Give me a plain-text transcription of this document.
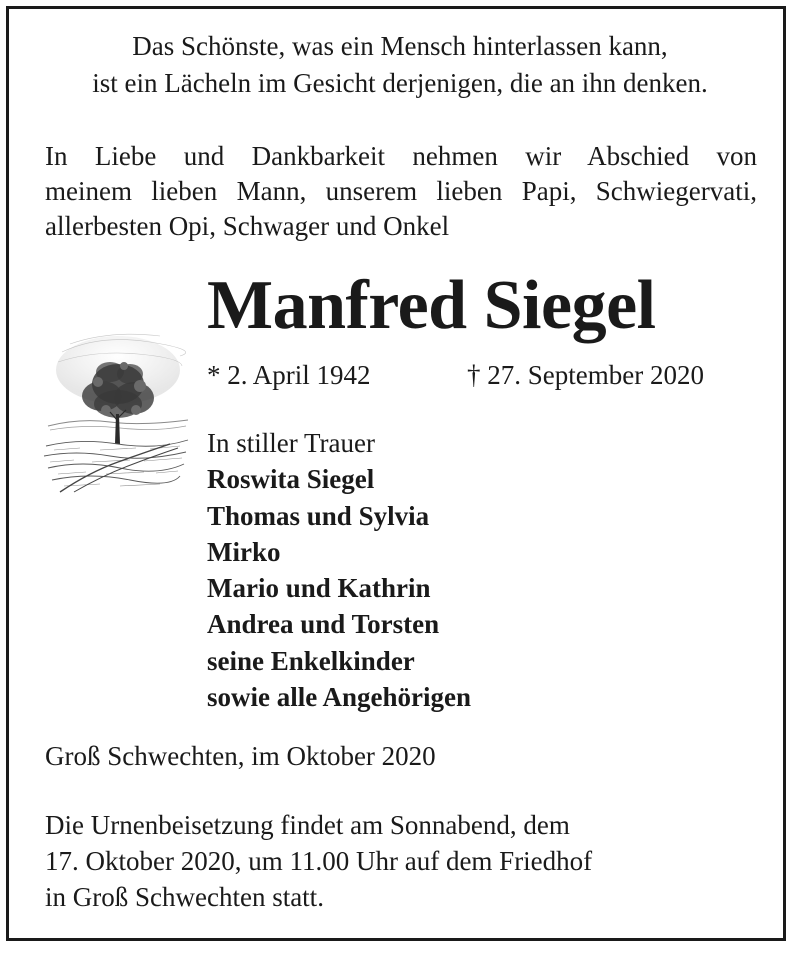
Das Schönste, was ein Mensch hinterlassen kann,
ist ein Lächeln im Gesicht derjenigen, die an ihn denken.
In Liebe und Dankbarkeit nehmen wir Abschied von
meinem lieben Mann, unserem lieben Papi, Schwiegervati,
allerbesten Opi, Schwager und Onkel
Manfred Siegel
* 2. April 1942	† 27. September 2020
In stiller Trauer
Roswita Siegel
Thomas und Sylvia
Mirko
Mario und Kathrin
Andrea und Torsten
seine Enkelkinder
sowie alle Angehörigen
Groß Schwechten, im Oktober 2020
Die Urnenbeisetzung findet am Sonnabend, dem
17. Oktober 2020, um 11.00 Uhr auf dem Friedhof
in Groß Schwechten statt.
